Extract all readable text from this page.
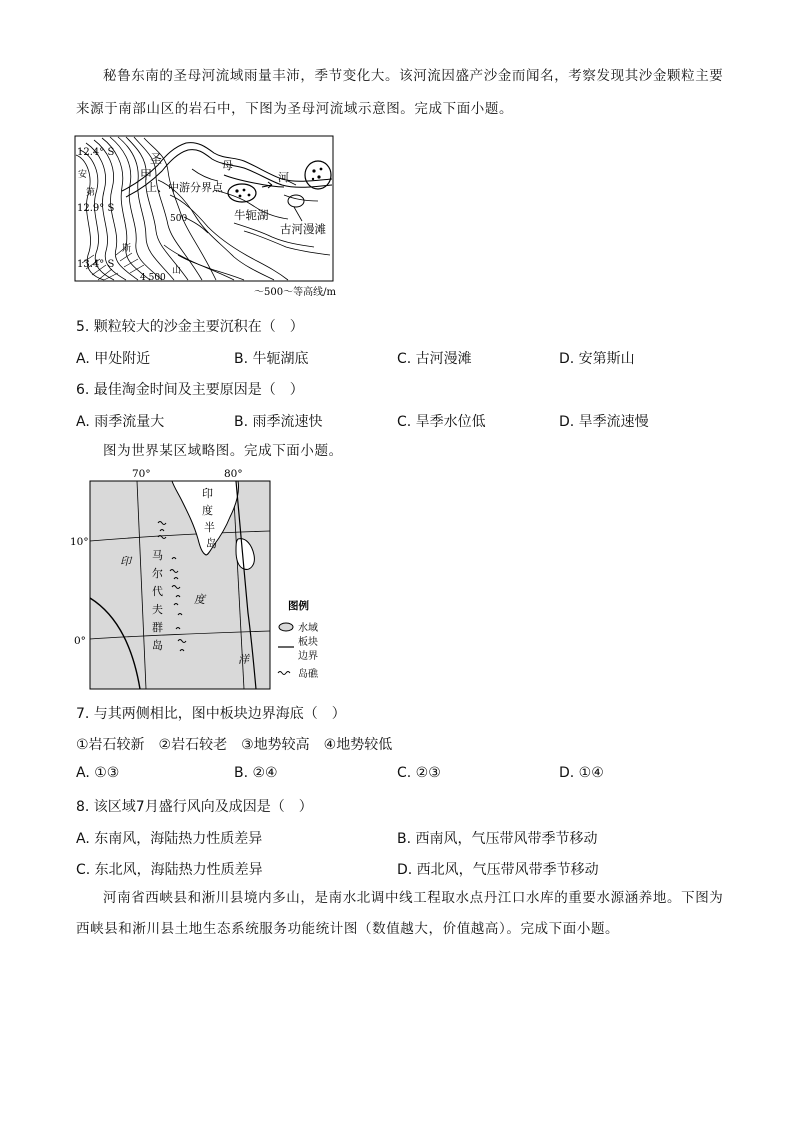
秘鲁东南的圣母河流域雨量丰沛，季节变化大。该河流因盛产沙金而闻名，考察发现其沙金颗粒主要
来源于南部山区的岩石中，下图为圣母河流域示意图。完成下面小题。
12.4° S
12.9° S
13.4° S
圣	母
河
甲
上、中游分界点
牛轭湖
古河漫滩
500
4 500
安
第
斯
山
～500～等高线/m
5. 颗粒较大的沙金主要沉积在（　）
A. 甲处附近	B. 牛轭湖底	C. 古河漫滩	D. 安第斯山
6. 最佳淘金时间及主要原因是（　）
A. 雨季流量大	B. 雨季流速快	C. 旱季水位低	D. 旱季流速慢
图为世界某区域略图。完成下面小题。
70°	80°
10°
0°
印
度
半
岛
印
度
洋
马
尔
代
夫
群
岛
图例
水域
板块
边界
岛礁
7. 与其两侧相比，图中板块边界海底（　）
①岩石较新　②岩石较老　③地势较高　④地势较低
A. ①③	B. ②④	C. ②③	D. ①④
8. 该区域7月盛行风向及成因是（　）
A. 东南风，海陆热力性质差异	B. 西南风，气压带风带季节移动
C. 东北风，海陆热力性质差异	D. 西北风，气压带风带季节移动
河南省西峡县和淅川县境内多山，是南水北调中线工程取水点丹江口水库的重要水源涵养地。下图为
西峡县和淅川县土地生态系统服务功能统计图（数值越大，价值越高）。完成下面小题。
